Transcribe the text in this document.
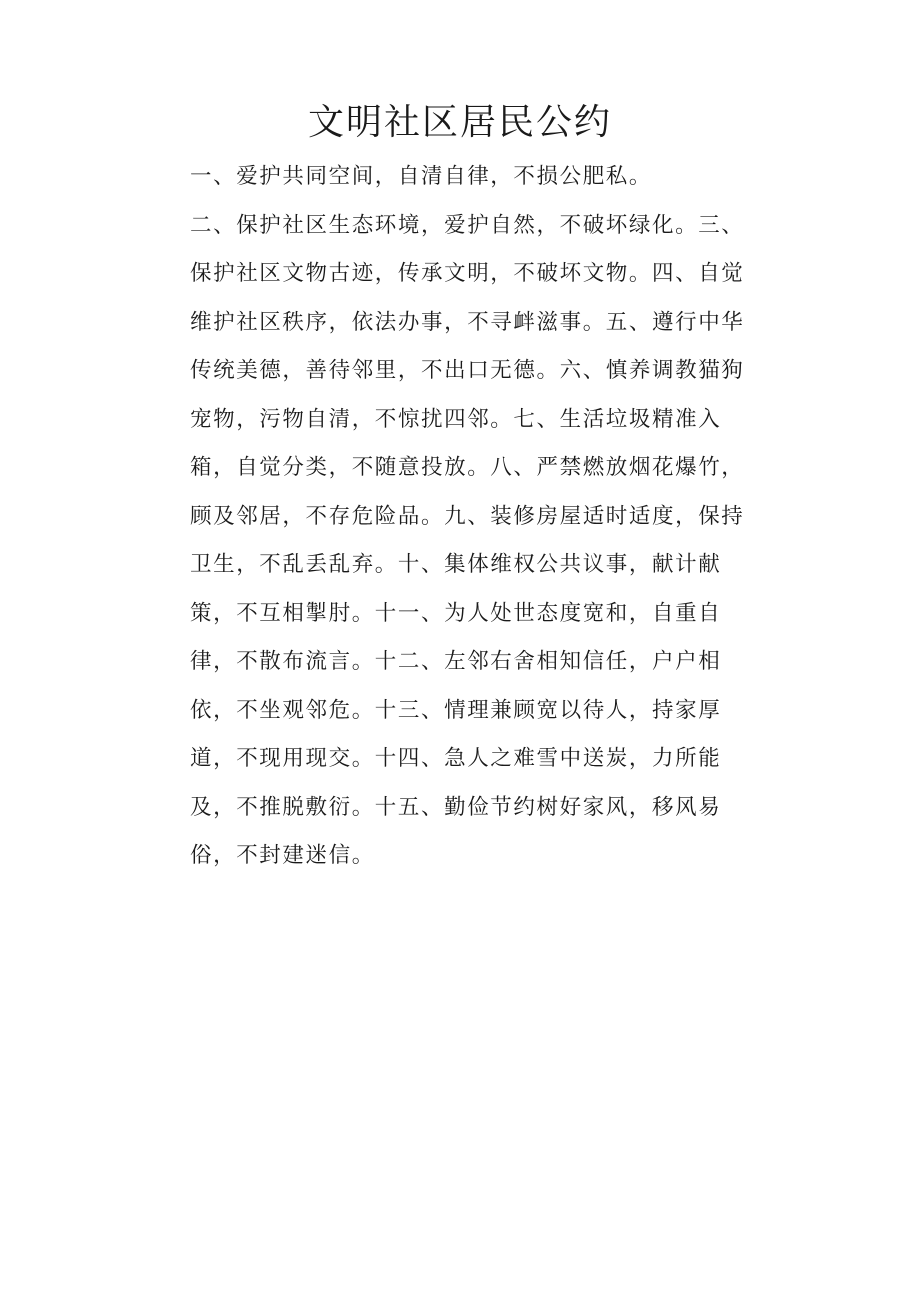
文明社区居民公约
一、爱护共同空间，自清自律，不损公肥私。
二、保护社区生态环境，爱护自然，不破坏绿化。三、
保护社区文物古迹，传承文明，不破坏文物。四、自觉
维护社区秩序，依法办事，不寻衅滋事。五、遵行中华
传统美德，善待邻里，不出口无德。六、慎养调教猫狗
宠物，污物自清，不惊扰四邻。七、生活垃圾精准入
箱，自觉分类，不随意投放。八、严禁燃放烟花爆竹，
顾及邻居，不存危险品。九、装修房屋适时适度，保持
卫生，不乱丢乱弃。十、集体维权公共议事，献计献
策，不互相掣肘。十一、为人处世态度宽和，自重自
律，不散布流言。十二、左邻右舍相知信任，户户相
依，不坐观邻危。十三、情理兼顾宽以待人，持家厚
道，不现用现交。十四、急人之难雪中送炭，力所能
及，不推脱敷衍。十五、勤俭节约树好家风，移风易
俗，不封建迷信。
